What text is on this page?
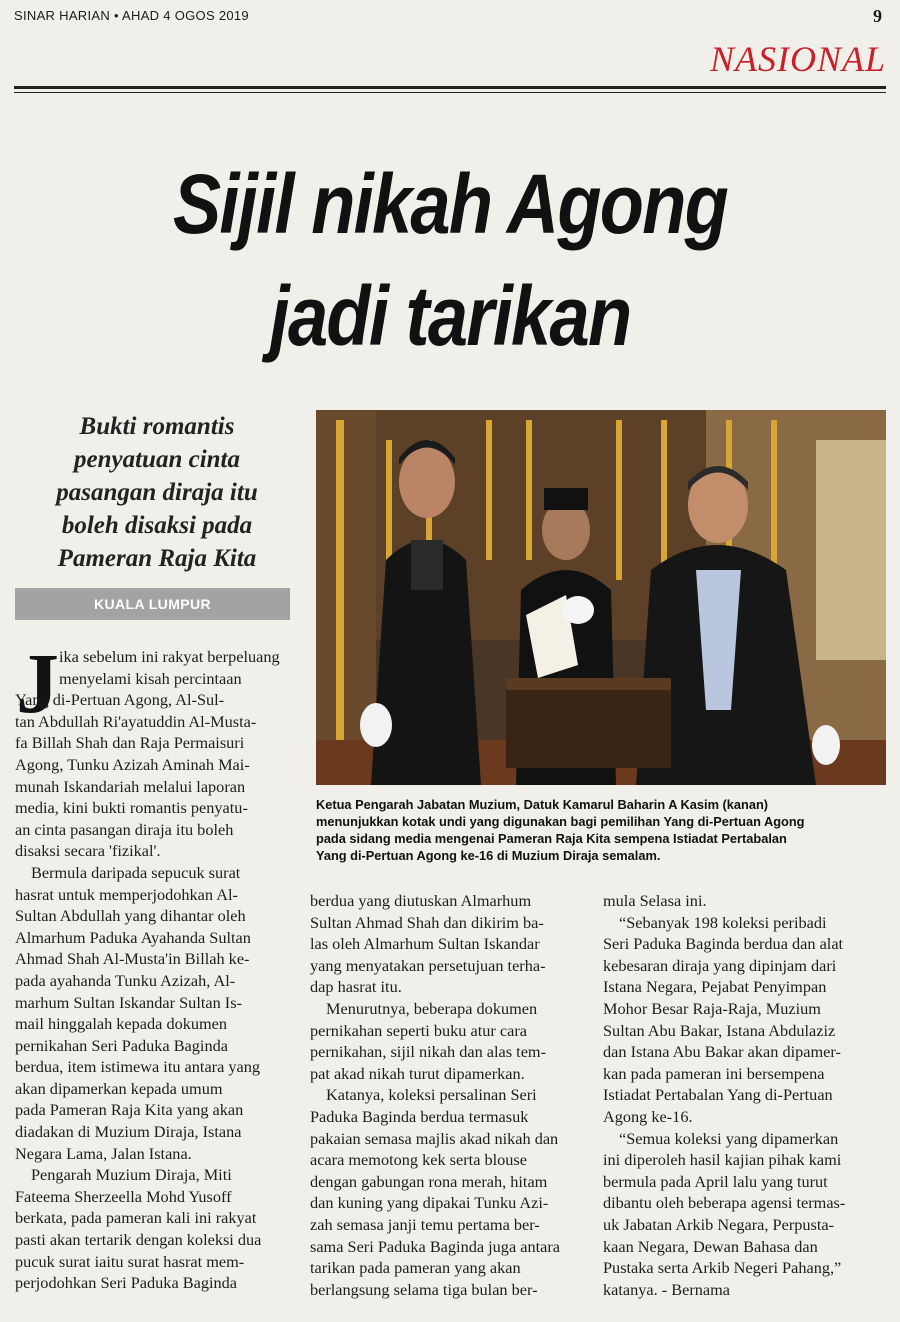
SINAR HARIAN • AHAD 4 OGOS 2019	9
NASIONAL
Sijil nikah Agong
jadi tarikan
Bukti romantis
penyatuan cinta
pasangan diraja itu
boleh disaksi pada
Pameran Raja Kita
KUALA LUMPUR

Ketua Pengarah Jabatan Muzium, Datuk Kamarul Baharin A Kasim (kanan)

menunjukkan kotak undi yang digunakan bagi pemilihan Yang di-Pertuan Agong

pada sidang media mengenai Pameran Raja Kita sempena Istiadat Pertabalan

Yang di-Pertuan Agong ke-16 di Muzium Diraja semalam.

J ika sebelum ini rakyat berpeluang

menyelami kisah percintaan

Yang di-Pertuan Agong, Al-Sul-

tan Abdullah Ri'ayatuddin Al-Musta-

fa Billah Shah dan Raja Permaisuri

Agong, Tunku Azizah Aminah Mai-

munah Iskandariah melalui laporan

media, kini bukti romantis penyatu-

an cinta pasangan diraja itu boleh

disaksi secara 'fizikal'.

Bermula daripada sepucuk surat

hasrat untuk memperjodohkan Al-

Sultan Abdullah yang dihantar oleh

Almarhum Paduka Ayahanda Sultan

Ahmad Shah Al-Musta'in Billah ke-

pada ayahanda Tunku Azizah, Al-

marhum Sultan Iskandar Sultan Is-

mail hinggalah kepada dokumen

pernikahan Seri Paduka Baginda

berdua, item istimewa itu antara yang

akan dipamerkan kepada umum

pada Pameran Raja Kita yang akan

diadakan di Muzium Diraja, Istana

Negara Lama, Jalan Istana.

Pengarah Muzium Diraja, Miti

Fateema Sherzeella Mohd Yusoff

berkata, pada pameran kali ini rakyat

pasti akan tertarik dengan koleksi dua

pucuk surat iaitu surat hasrat mem-

perjodohkan Seri Paduka Baginda

berdua yang diutuskan Almarhum

Sultan Ahmad Shah dan dikirim ba-

las oleh Almarhum Sultan Iskandar

yang menyatakan persetujuan terha-

dap hasrat itu.

Menurutnya, beberapa dokumen

pernikahan seperti buku atur cara

pernikahan, sijil nikah dan alas tem-

pat akad nikah turut dipamerkan.

Katanya, koleksi persalinan Seri

Paduka Baginda berdua termasuk

pakaian semasa majlis akad nikah dan

acara memotong kek serta blouse

dengan gabungan rona merah, hitam

dan kuning yang dipakai Tunku Azi-

zah semasa janji temu pertama ber-

sama Seri Paduka Baginda juga antara

tarikan pada pameran yang akan

berlangsung selama tiga bulan ber-

mula Selasa ini.

“Sebanyak 198 koleksi peribadi

Seri Paduka Baginda berdua dan alat

kebesaran diraja yang dipinjam dari

Istana Negara, Pejabat Penyimpan

Mohor Besar Raja-Raja, Muzium

Sultan Abu Bakar, Istana Abdulaziz

dan Istana Abu Bakar akan dipamer-

kan pada pameran ini bersempena

Istiadat Pertabalan Yang di-Pertuan

Agong ke-16.

“Semua koleksi yang dipamerkan

ini diperoleh hasil kajian pihak kami

bermula pada April lalu yang turut

dibantu oleh beberapa agensi termas-

uk Jabatan Arkib Negara, Perpusta-

kaan Negara, Dewan Bahasa dan

Pustaka serta Arkib Negeri Pahang,”

katanya. - Bernama
